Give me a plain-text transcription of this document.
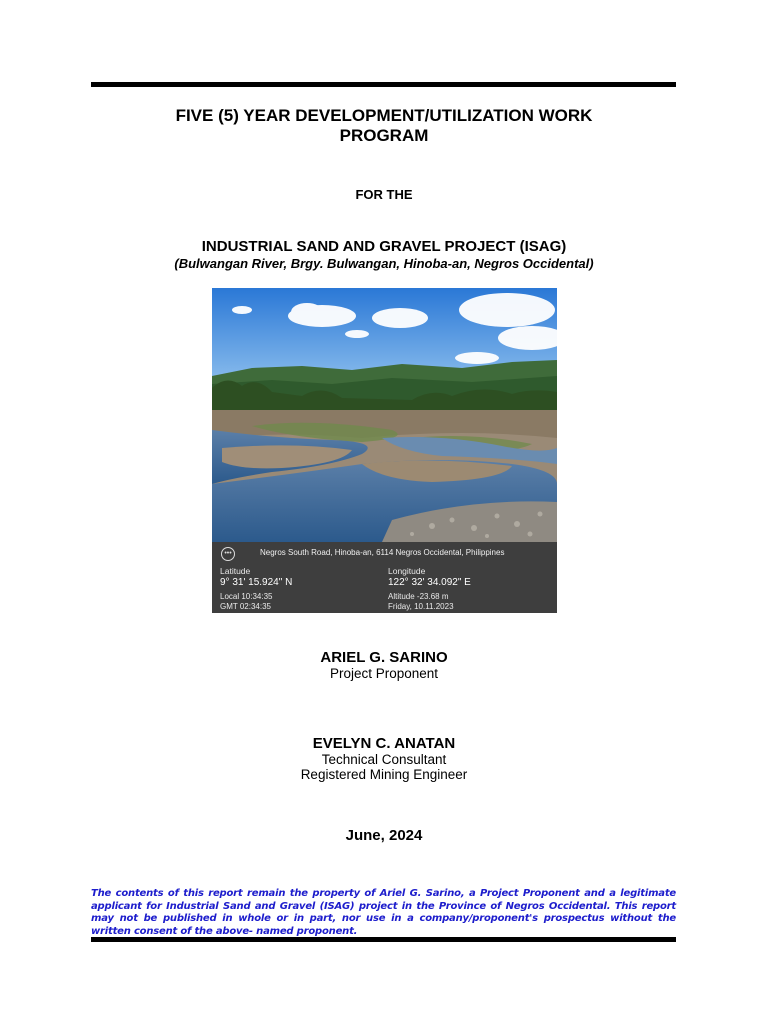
FIVE (5) YEAR DEVELOPMENT/UTILIZATION WORK
PROGRAM
FOR THE
INDUSTRIAL SAND AND GRAVEL PROJECT (ISAG)
(Bulwangan River, Brgy. Bulwangan, Hinoba-an, Negros Occidental)
•••	Negros South Road, Hinoba-an, 6114 Negros Occidental, Philippines
Latitude
9° 31' 15.924" N
Longitude
122° 32' 34.092" E
Local 10:34:35
GMT 02:34:35
Altitude -23.68 m
Friday, 10.11.2023
ARIEL G. SARINO
Project Proponent
EVELYN C. ANATAN
Technical Consultant
Registered Mining Engineer
June, 2024
The contents of this report remain the property of Ariel G. Sarino, a Project Proponent and a legitimate applicant for Industrial Sand and Gravel (ISAG) project in the Province of Negros Occidental. This report may not be published in whole or in part, nor use in a company/proponent's prospectus without the written consent of the above- named proponent.
